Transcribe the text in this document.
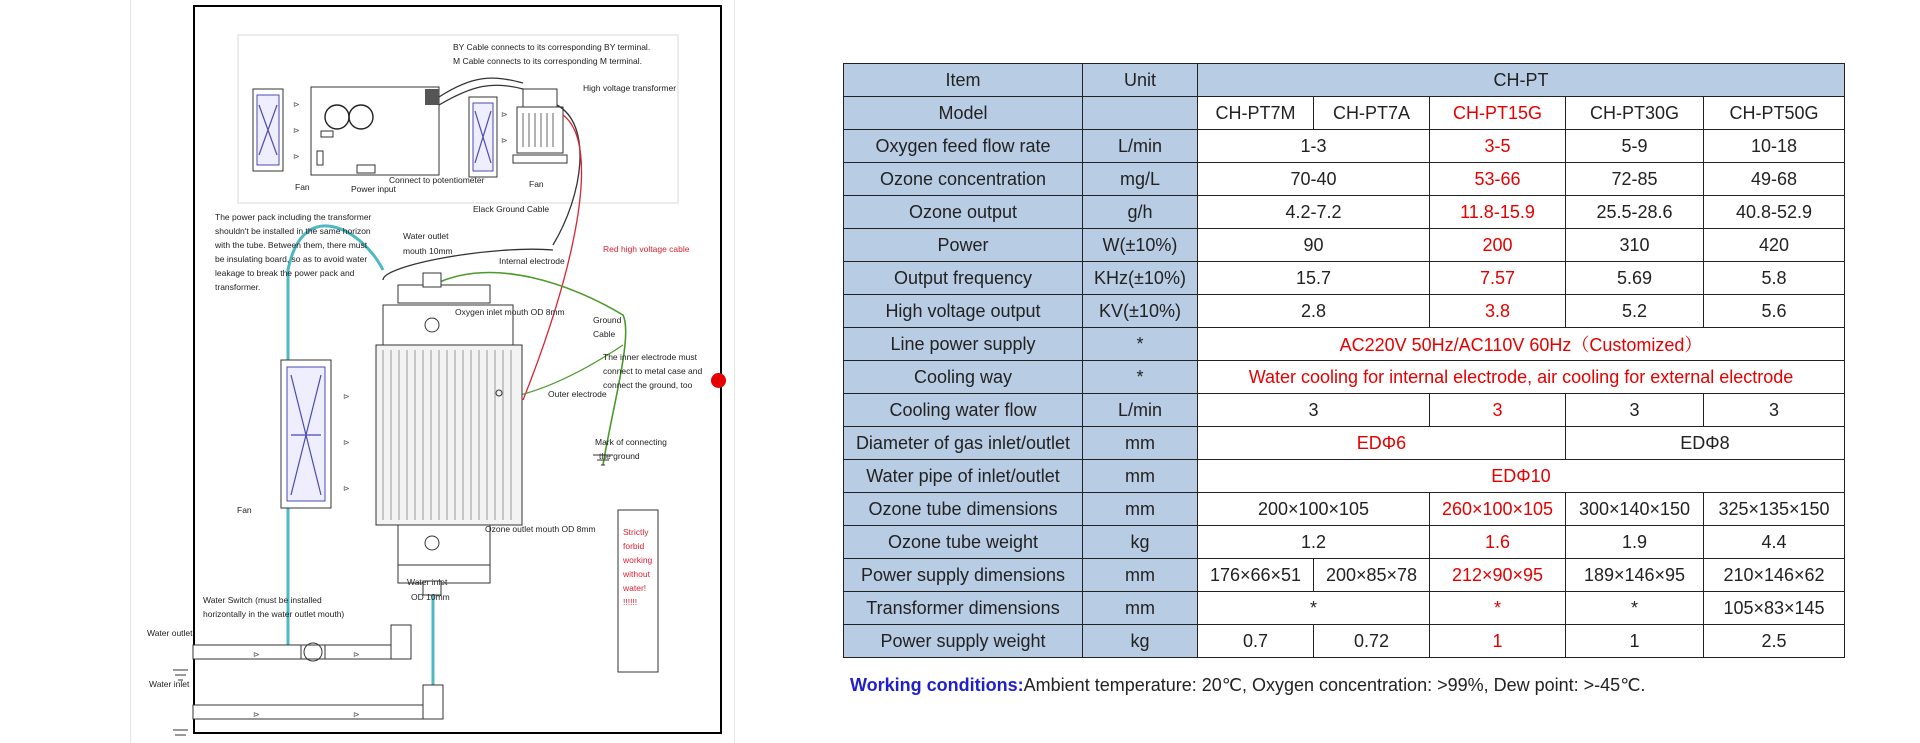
⊳
⊳
⊳
⊳
⊳
⊳
⊳
⊳
⊳
⊳
⊳
⊳
BY Cable connects to its corresponding BY terminal.
M Cable connects to its corresponding M terminal.
High voltage transformer
Fan	Power input
Connect to potentiometer	Fan
Elack Ground Cable
The power pack including the transformer
shouldn't be installed in the same horizon
with the tube. Between them, there must
be insulating board, so as to avoid water
leakage to break the power pack and
transformer.
Water outlet
mouth 10mm
Internal electrode
Red high voltage cable
Oxygen inlet mouth OD 8mm
Ground
Cable
The inner electrode must
connect to metal case and
connect the ground, too
Outer electrode
Mark of connecting
the ground
Fan
Ozone outlet mouth OD 8mm
Water inlet
OD 10mm
Water Switch (must be installed
horizontally in the water outlet mouth)
Water outlet
Water inlet
Strictly
forbid
working
without
water!
!!!!!!
Item	Unit	CH-PT				
Model		CH-PT7M	CH-PT7A	CH-PT15G	CH-PT30G	CH-PT50G
Oxygen feed flow rate	L/min	1-3		3-5	5-9	10-18
Ozone concentration	mg/L	70-40		53-66	72-85	49-68
Ozone output	g/h	4.2-7.2		11.8-15.9	25.5-28.6	40.8-52.9
Power	W(±10%)	90		200	310	420
Output frequency	KHz(±10%)	15.7		7.57	5.69	5.8
High voltage output	KV(±10%)	2.8		3.8	5.2	5.6
Line power supply	*	AC220V 50Hz/AC110V 60Hz（Customized）				
Cooling way	*	Water cooling for internal electrode, air cooling for external electrode				
Cooling water flow	L/min	3		3	3	3
Diameter of gas inlet/outlet	mm	EDΦ6			EDΦ8	
Water pipe of inlet/outlet	mm	EDΦ10				
Ozone tube dimensions	mm	200×100×105		260×100×105	300×140×150	325×135×150
Ozone tube weight	kg	1.2		1.6	1.9	4.4
Power supply dimensions	mm	176×66×51	200×85×78	212×90×95	189×146×95	210×146×62
Transformer dimensions	mm	*		*	*	105×83×145
Power supply weight	kg	0.7	0.72	1	1	2.5
Working conditions:Ambient temperature: 20℃, Oxygen concentration: >99%, Dew point: >-45℃.
